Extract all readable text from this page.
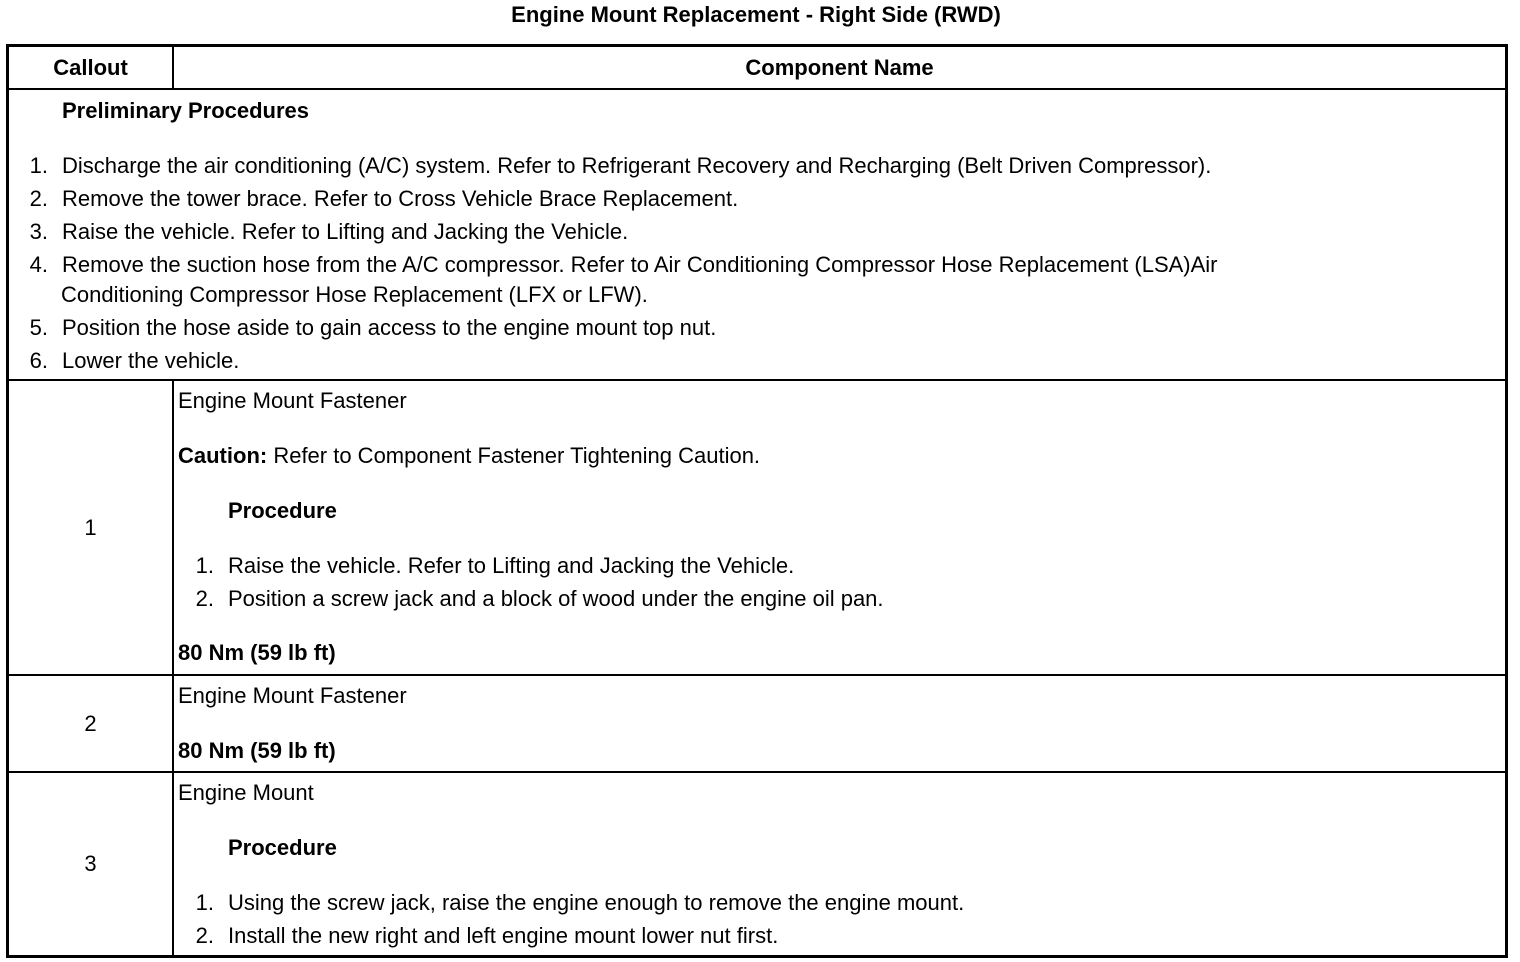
Engine Mount Replacement - Right Side (RWD)
Callout	Component Name
Preliminary Procedures
1. Discharge the air conditioning (A/C) system. Refer to Refrigerant Recovery and Recharging (Belt Driven Compressor).
2. Remove the tower brace. Refer to Cross Vehicle Brace Replacement.
3. Raise the vehicle. Refer to Lifting and Jacking the Vehicle.
4. Remove the suction hose from the A/C compressor. Refer to Air Conditioning Compressor Hose Replacement (LSA)Air
Conditioning Compressor Hose Replacement (LFX or LFW).
5. Position the hose aside to gain access to the engine mount top nut.
6. Lower the vehicle.
1
Engine Mount Fastener
Caution: Refer to Component Fastener Tightening Caution.
Procedure
1. Raise the vehicle. Refer to Lifting and Jacking the Vehicle.
2. Position a screw jack and a block of wood under the engine oil pan.
80 Nm (59 lb ft)
2
Engine Mount Fastener
80 Nm (59 lb ft)
3
Engine Mount
Procedure
1. Using the screw jack, raise the engine enough to remove the engine mount.
2. Install the new right and left engine mount lower nut first.
